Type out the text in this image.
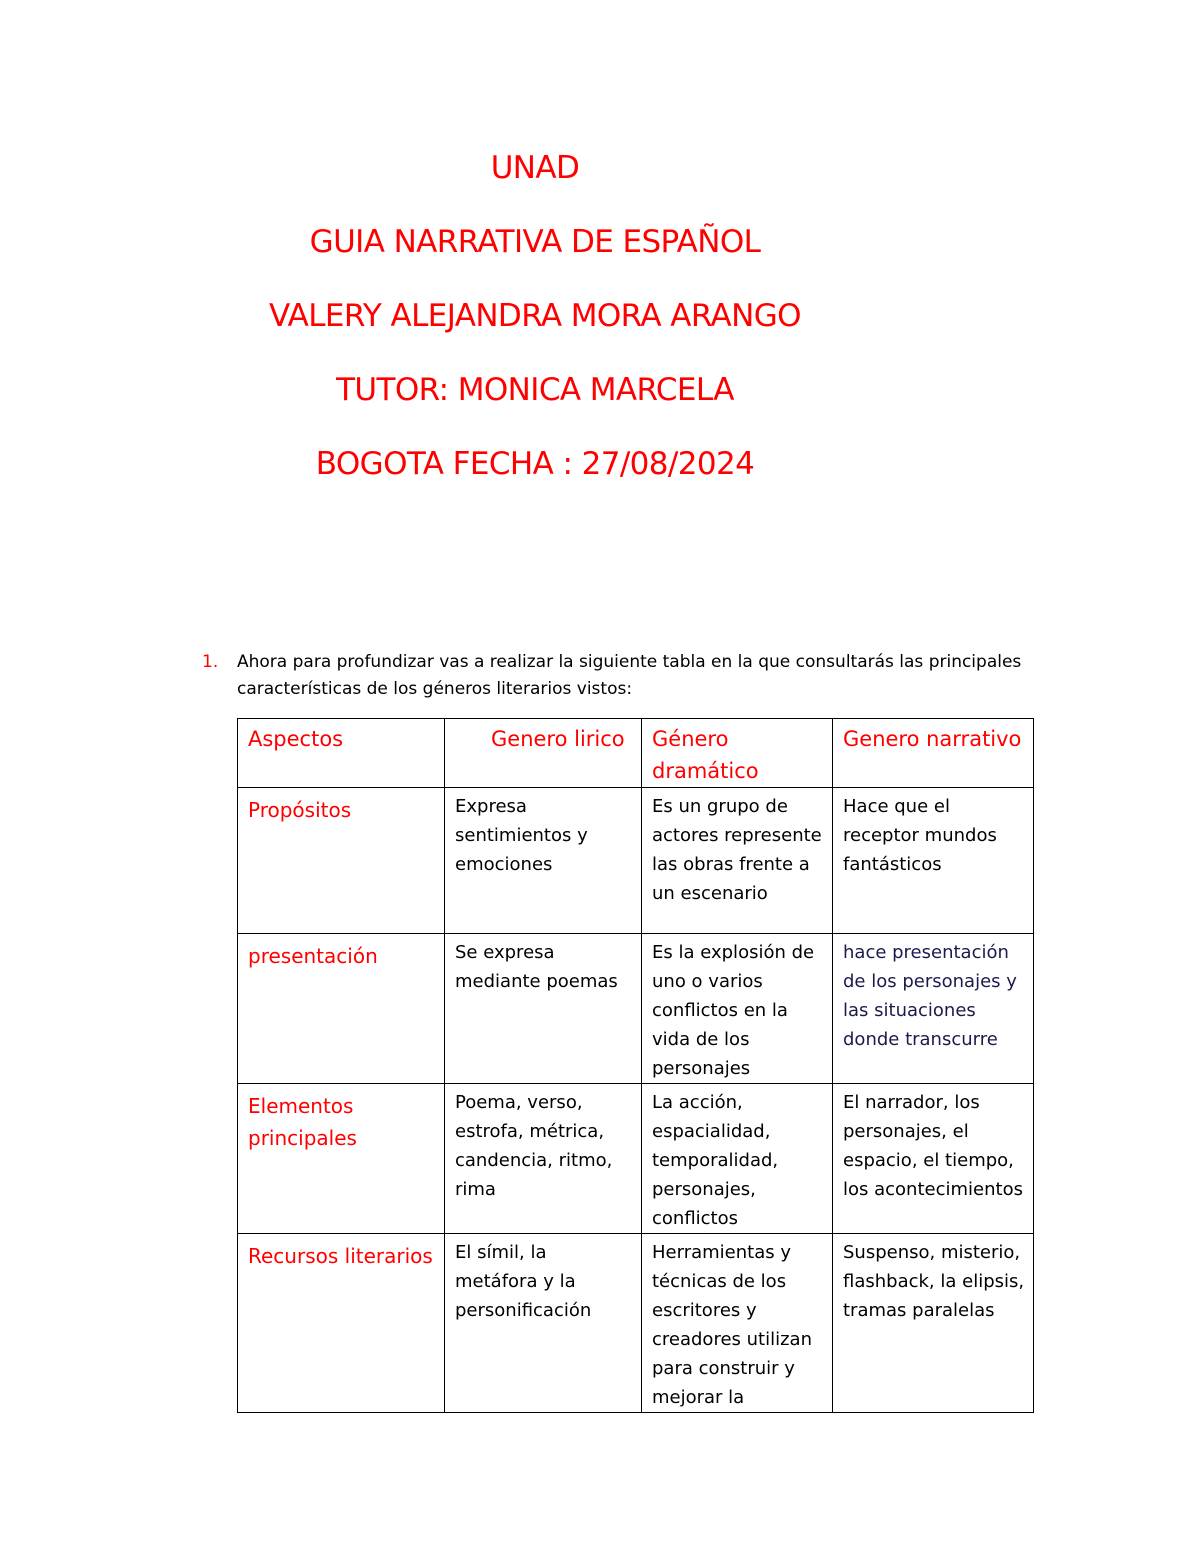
UNAD
GUIA NARRATIVA DE ESPAÑOL
VALERY ALEJANDRA MORA ARANGO
TUTOR: MONICA MARCELA
BOGOTA FECHA : 27/08/2024
1. Ahora para profundizar vas a realizar la siguiente tabla en la que consultarás las principales características de los géneros literarios vistos:
Aspectos	Genero lirico	Género dramático	Genero narrativo
Propósitos	Expresa sentimientos y emociones	Es un grupo de actores represente las obras frente a un escenario	Hace que el receptor mundos fantásticos
presentación	Se expresa mediante poemas	Es la explosión de uno o varios conflictos en la vida de los personajes	hace presentación de los personajes y las situaciones donde transcurre
Elementos principales	Poema, verso, estrofa, métrica, candencia, ritmo, rima	La acción, espacialidad, temporalidad, personajes, conflictos	El narrador, los personajes, el espacio, el tiempo, los acontecimientos
Recursos literarios	El símil, la metáfora y la personificación	Herramientas y técnicas de los escritores y creadores utilizan para construir y mejorar la	Suspenso, misterio, flashback, la elipsis, tramas paralelas
